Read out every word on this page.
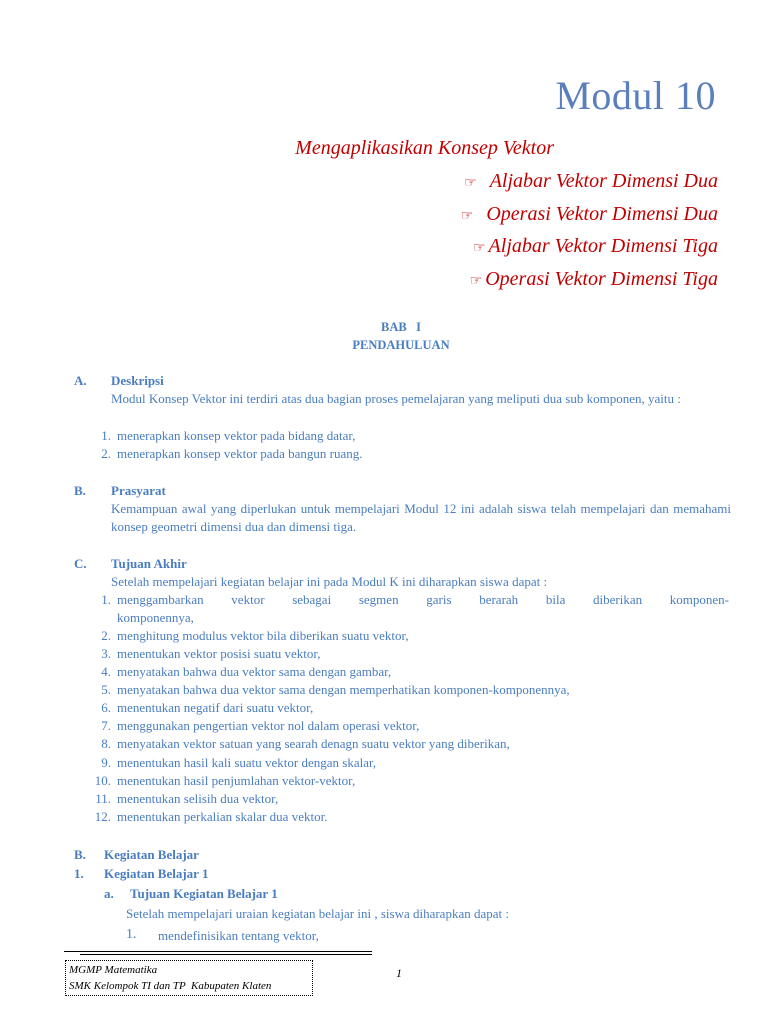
Modul 10
Mengaplikasikan Konsep Vektor
☞ Aljabar Vektor Dimensi Dua
☞ Operasi Vektor Dimensi Dua
☞ Aljabar Vektor Dimensi Tiga
☞ Operasi Vektor Dimensi Tiga
BAB   I
PENDAHULUAN
A. Deskripsi
Modul Konsep Vektor ini terdiri atas dua bagian proses pemelajaran yang meliputi dua sub komponen, yaitu :
1. menerapkan konsep vektor pada bidang datar,
2. menerapkan konsep vektor pada bangun ruang.
B. Prasyarat
Kemampuan awal yang diperlukan untuk mempelajari Modul 12 ini adalah siswa telah mempelajari dan memahami konsep geometri dimensi dua dan dimensi tiga.
C. Tujuan Akhir
Setelah mempelajari kegiatan belajar ini pada Modul K ini diharapkan siswa dapat :
1. menggambarkan vektor sebagai segmen garis berarah bila diberikan komponen-
komponennya,
2. menghitung modulus vektor bila diberikan suatu vektor,
3. menentukan vektor posisi suatu vektor,
4. menyatakan bahwa dua vektor sama dengan gambar,
5. menyatakan bahwa dua vektor sama dengan memperhatikan komponen-komponennya,
6. menentukan negatif dari suatu vektor,
7. menggunakan pengertian vektor nol dalam operasi vektor,
8. menyatakan vektor satuan yang searah denagn suatu vektor yang diberikan,
9. menentukan hasil kali suatu vektor dengan skalar,
10. menentukan hasil penjumlahan vektor-vektor,
11. menentukan selisih dua vektor,
12. menentukan perkalian skalar dua vektor.
B. Kegiatan Belajar
1. Kegiatan Belajar 1
a. Tujuan Kegiatan Belajar 1
Setelah mempelajari uraian kegiatan belajar ini , siswa diharapkan dapat :
1. mendefinisikan tentang vektor,
MGMP Matematika
SMK Kelompok TI dan TP  Kabupaten Klaten
1
